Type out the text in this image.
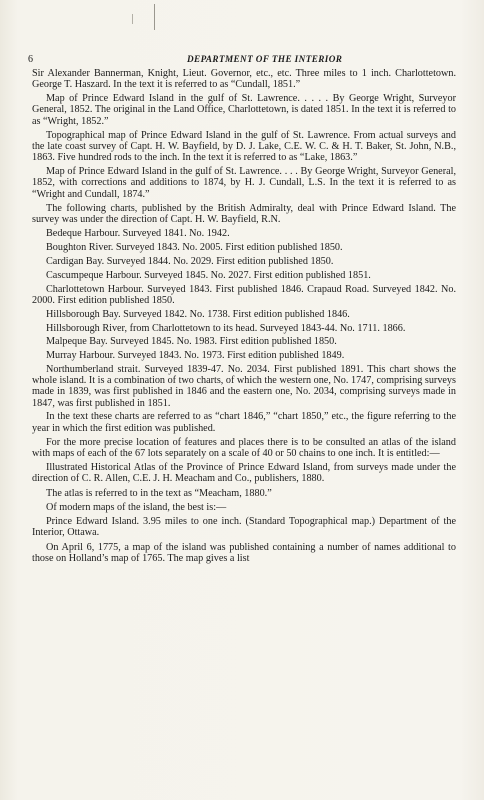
6	DEPARTMENT OF THE INTERIOR

Sir Alexander Bannerman, Knight, Lieut. Governor, etc., etc. Three miles to 1 inch. Charlottetown. George T. Haszard. In the text it is referred to as “Cundall, 1851.”

Map of Prince Edward Island in the gulf of St. Lawrence. . . . . By George Wright, Surveyor General, 1852. The original in the Land Office, Charlottetown, is dated 1851. In the text it is referred to as “Wright, 1852.”

Topographical map of Prince Edward Island in the gulf of St. Lawrence. From actual surveys and the late coast survey of Capt. H. W. Bayfield, by D. J. Lake, C.E. W. C. & H. T. Baker, St. John, N.B., 1863. Five hundred rods to the inch. In the text it is referred to as “Lake, 1863.”

Map of Prince Edward Island in the gulf of St. Lawrence. . . . By George Wright, Surveyor General, 1852, with corrections and additions to 1874, by H. J. Cundall, L.S. In the text it is referred to as “Wright and Cundall, 1874.”

The following charts, published by the British Admiralty, deal with Prince Edward Island. The survey was under the direction of Capt. H. W. Bayfield, R.N.

Bedeque Harbour. Surveyed 1841. No. 1942.

Boughton River. Surveyed 1843. No. 2005. First edition published 1850.

Cardigan Bay. Surveyed 1844. No. 2029. First edition published 1850.

Cascumpeque Harbour. Surveyed 1845. No. 2027. First edition published 1851.

Charlottetown Harbour. Surveyed 1843. First published 1846. Crapaud Road. Surveyed 1842. No. 2000. First edition published 1850.

Hillsborough Bay. Surveyed 1842. No. 1738. First edition published 1846.

Hillsborough River, from Charlottetown to its head. Surveyed 1843-44. No. 1711. 1866.

Malpeque Bay. Surveyed 1845. No. 1983. First edition published 1850.

Murray Harbour. Surveyed 1843. No. 1973. First edition published 1849.

Northumberland strait. Surveyed 1839-47. No. 2034. First published 1891. This chart shows the whole island. It is a combination of two charts, of which the western one, No. 1747, comprising surveys made in 1839, was first published in 1846 and the eastern one, No. 2034, comprising surveys made in 1847, was first published in 1851.

In the text these charts are referred to as “chart 1846,” “chart 1850,” etc., the figure referring to the year in which the first edition was published.

For the more precise location of features and places there is to be consulted an atlas of the island with maps of each of the 67 lots separately on a scale of 40 or 50 chains to one inch. It is entitled:—

Illustrated Historical Atlas of the Province of Prince Edward Island, from surveys made under the direction of C. R. Allen, C.E. J. H. Meacham and Co., publishers, 1880.

The atlas is referred to in the text as “Meacham, 1880.”

Of modern maps of the island, the best is:—

Prince Edward Island. 3.95 miles to one inch. (Standard Topographical map.) Department of the Interior, Ottawa.

On April 6, 1775, a map of the island was published containing a number of names additional to those on Holland’s map of 1765. The map gives a list
